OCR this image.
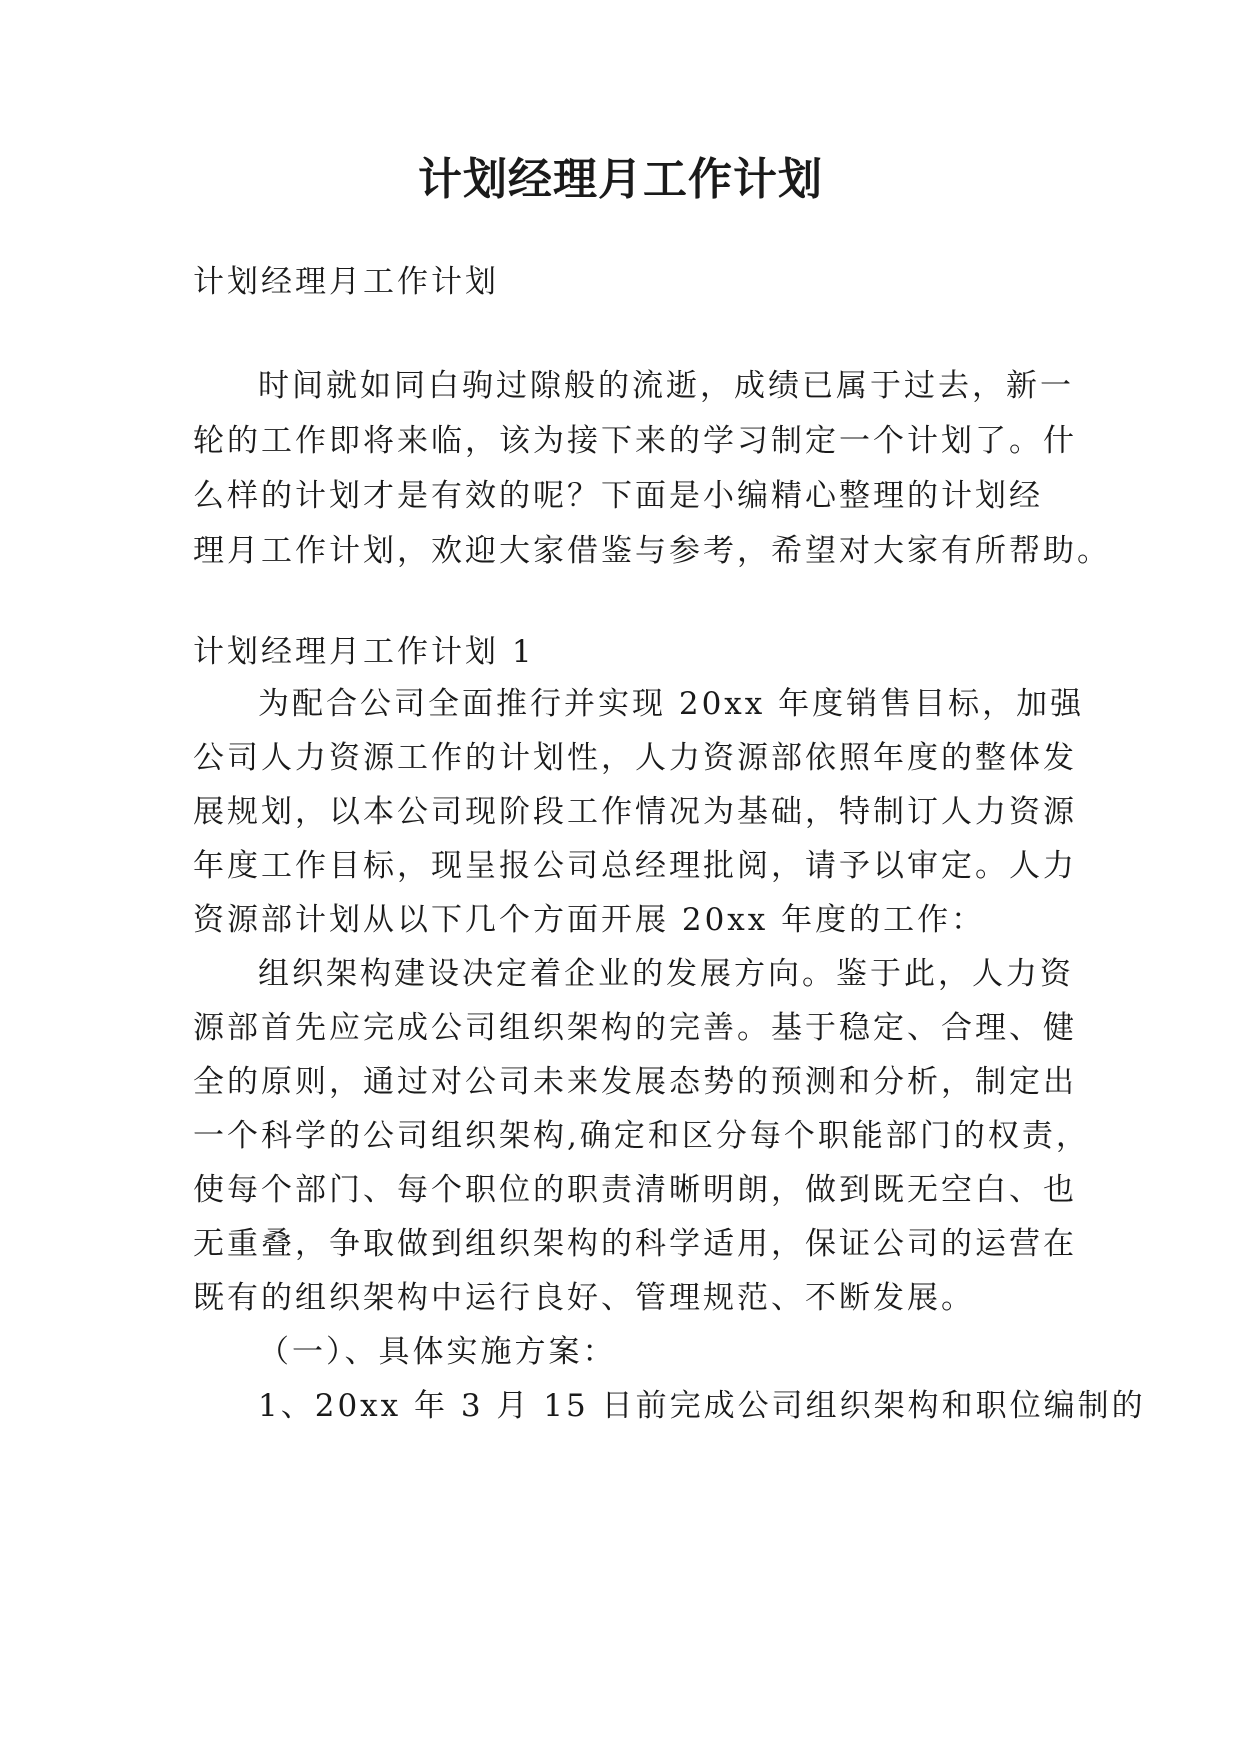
计划经理月工作计划

计划经理月工作计划

时间就如同白驹过隙般的流逝，成绩已属于过去，新一

轮的工作即将来临，该为接下来的学习制定一个计划了。什

么样的计划才是有效的呢？下面是小编精心整理的计划经

理月工作计划，欢迎大家借鉴与参考，希望对大家有所帮助。

计划经理月工作计划 1

为配合公司全面推行并实现 20xx 年度销售目标，加强

公司人力资源工作的计划性，人力资源部依照年度的整体发

展规划，以本公司现阶段工作情况为基础，特制订人力资源

年度工作目标，现呈报公司总经理批阅，请予以审定。人力

资源部计划从以下几个方面开展 20xx 年度的工作：

组织架构建设决定着企业的发展方向。鉴于此，人力资

源部首先应完成公司组织架构的完善。基于稳定、合理、健

全的原则，通过对公司未来发展态势的预测和分析，制定出

一个科学的公司组织架构,确定和区分每个职能部门的权责，

使每个部门、每个职位的职责清晰明朗，做到既无空白、也

无重叠，争取做到组织架构的科学适用，保证公司的运营在

既有的组织架构中运行良好、管理规范、不断发展。

（一）、具体实施方案：

1、20xx 年 3 月 15 日前完成公司组织架构和职位编制的
